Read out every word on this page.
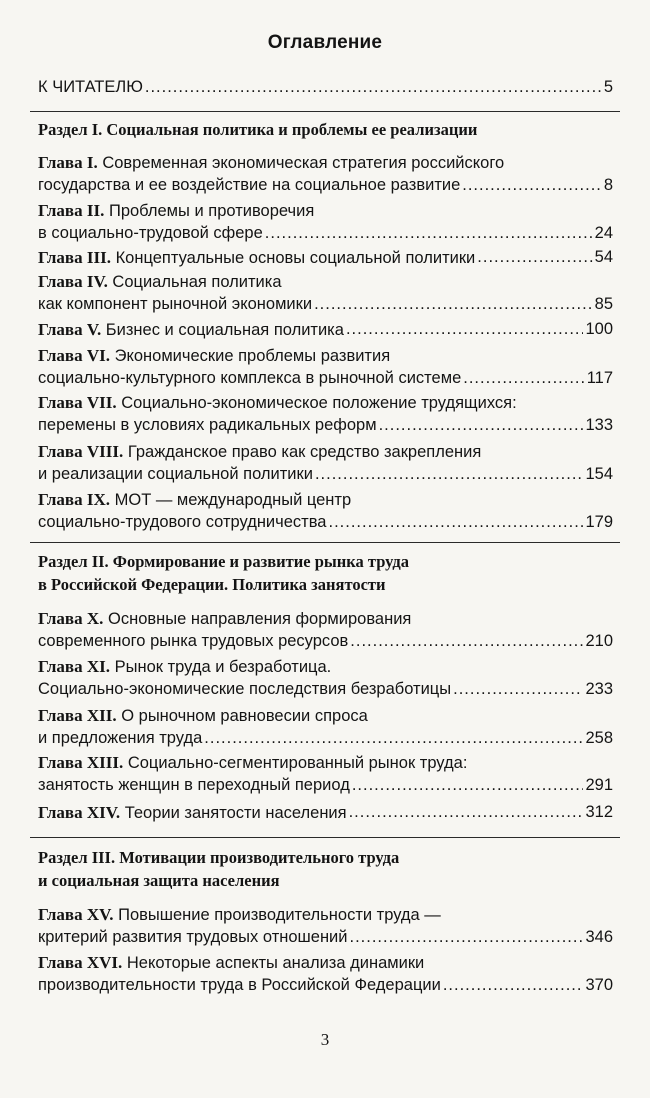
Оглавление
К ЧИТАТЕЛЮ .....	5
Раздел I. Социальная политика и проблемы ее реализации
Глава I. Современная экономическая стратегия российского
государства и ее воздействие на социальное развитие .....	8
Глава II. Проблемы и противоречия
в социально-трудовой сфере .....	24
Глава III. Концептуальные основы социальной политики .....	54
Глава IV. Социальная политика
как компонент рыночной экономики .....	85
Глава V. Бизнес и социальная политика .....	100
Глава VI. Экономические проблемы развития
социально-культурного комплекса в рыночной системе .....	117
Глава VII. Социально-экономическое положение трудящихся:
перемены в условиях радикальных реформ .....	133
Глава VIII. Гражданское право как средство закрепления
и реализации социальной политики .....	154
Глава IX. МОТ — международный центр
социально-трудового сотрудничества .....	179
Раздел II. Формирование и развитие рынка труда
в Российской Федерации. Политика занятости
Глава X. Основные направления формирования
современного рынка трудовых ресурсов .....	210
Глава XI. Рынок труда и безработица.
Социально-экономические последствия безработицы .....	233
Глава XII. О рыночном равновесии спроса
и предложения труда .....	258
Глава XIII. Социально-сегментированный рынок труда:
занятость женщин в переходный период .....	291
Глава XIV. Теории занятости населения .....	312
Раздел III. Мотивации производительного труда
и социальная защита населения
Глава XV. Повышение производительности труда —
критерий развития трудовых отношений .....	346
Глава XVI. Некоторые аспекты анализа динамики
производительности труда в Российской Федерации .....	370
3
